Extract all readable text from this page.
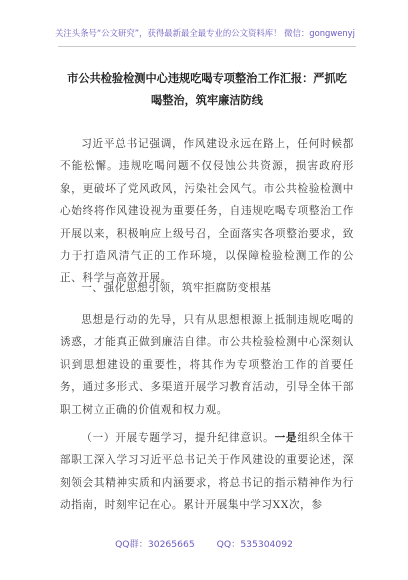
关注头条号“公文研究”，获得最新最全最专业的公文资料库！ 微信：gongwenyj
市公共检验检测中心违规吃喝专项整治工作汇报：严抓吃喝整治，筑牢廉洁防线
习近平总书记强调，作风建设永远在路上，任何时候都不能松懈。违规吃喝问题不仅侵蚀公共资源，损害政府形象，更破坏了党风政风，污染社会风气。市公共检验检测中心始终将作风建设视为重要任务，自违规吃喝专项整治工作开展以来，积极响应上级号召，全面落实各项整治要求，致力于打造风清气正的工作环境，以保障检验检测工作的公正、科学与高效开展。
一、强化思想引领，筑牢拒腐防变根基
思想是行动的先导，只有从思想根源上抵制违规吃喝的诱惑，才能真正做到廉洁自律。市公共检验检测中心深刻认识到思想建设的重要性，将其作为专项整治工作的首要任务，通过多形式、多渠道开展学习教育活动，引导全体干部职工树立正确的价值观和权力观。
（一）开展专题学习，提升纪律意识。一是组织全体干部职工深入学习习近平总书记关于作风建设的重要论述，深刻领会其精神实质和内涵要求，将总书记的指示精神作为行动指南，时刻牢记在心。累计开展集中学习XX次，参
QQ群：30265665 QQ：535304092
